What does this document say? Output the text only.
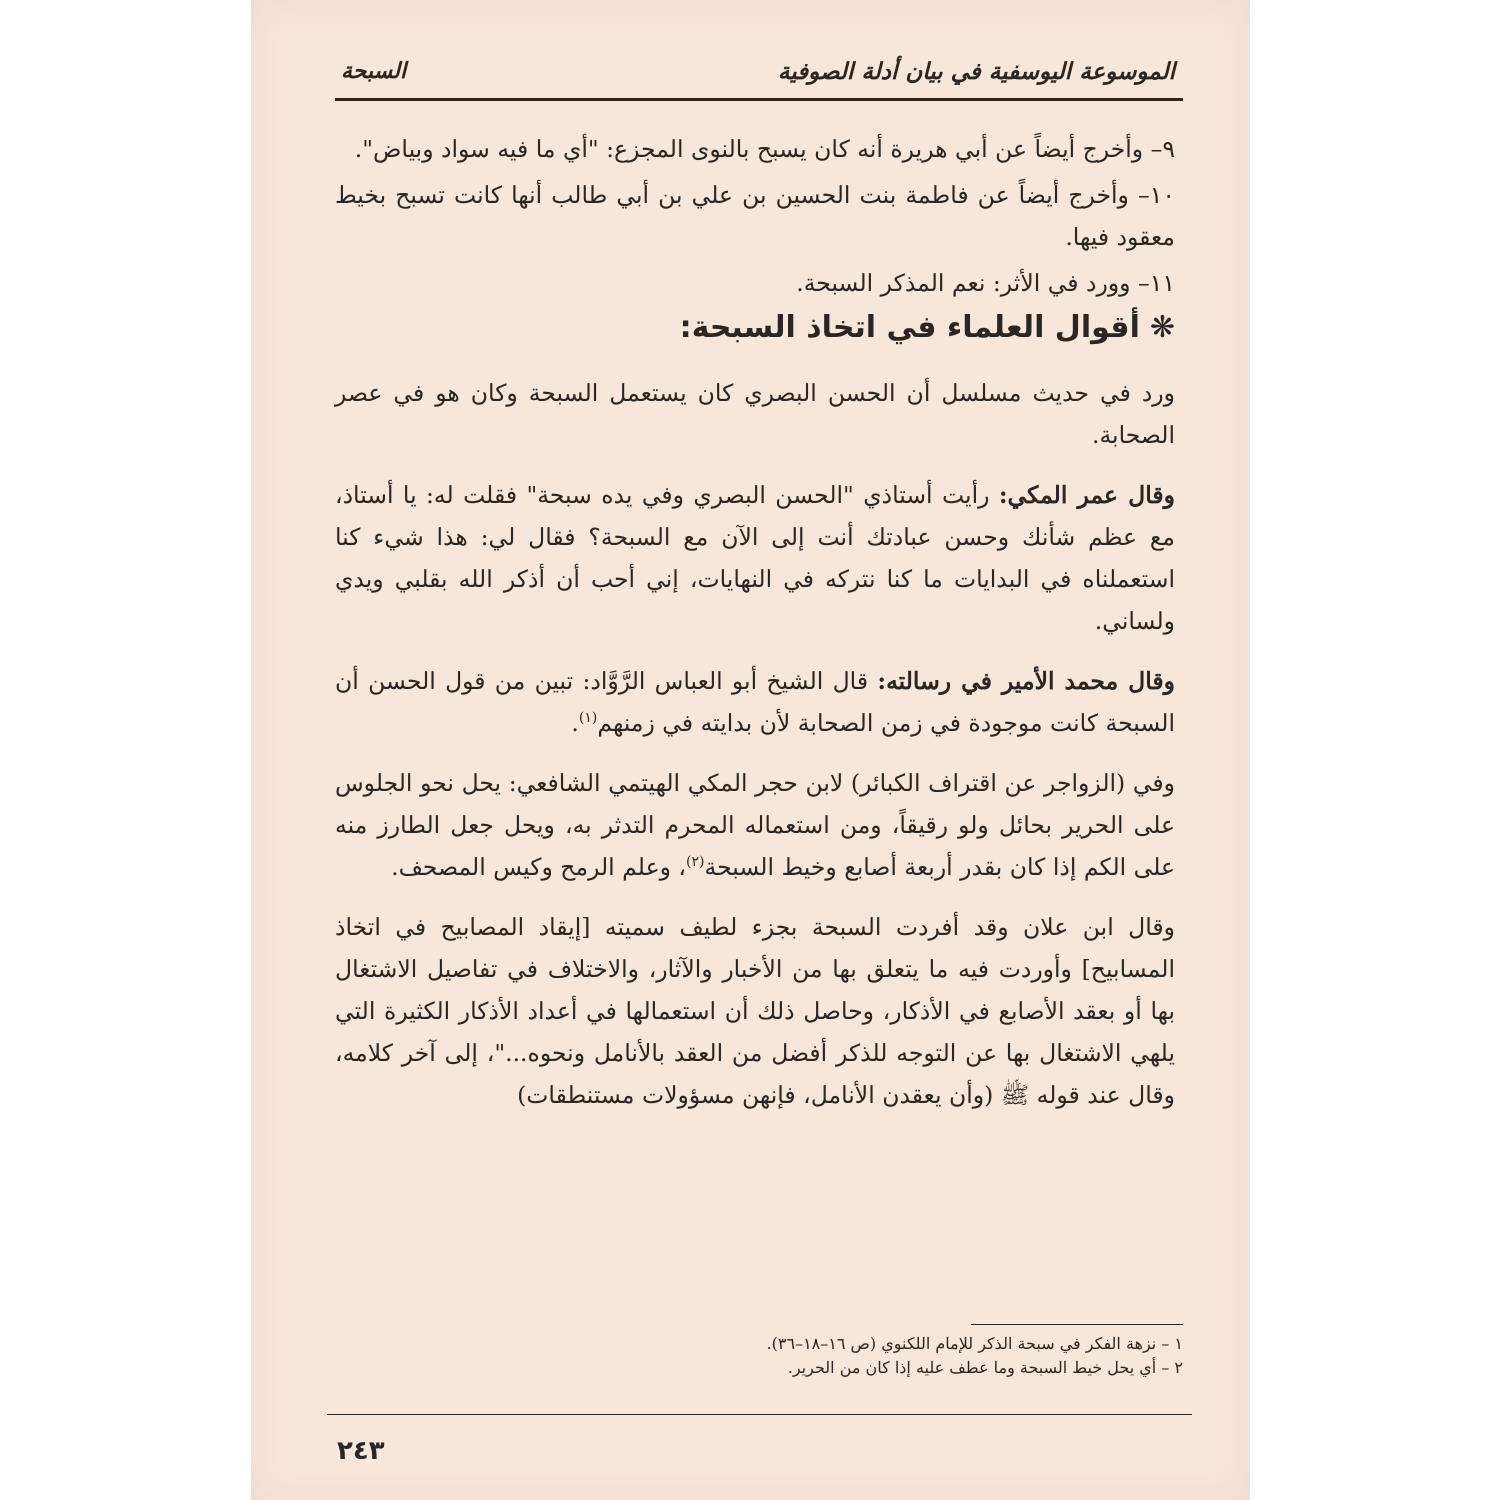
الموسوعة اليوسفية في بيان أدلة الصوفية
السبحة

٩– وأخرج أيضاً عن أبي هريرة أنه كان يسبح بالنوى المجزع: "أي ما فيه سواد وبياض".

١٠– وأخرج أيضاً عن فاطمة بنت الحسين بن علي بن أبي طالب أنها كانت تسبح بخيط معقود فيها.

١١– وورد في الأثر: نعم المذكر السبحة.

❋أقوال العلماء في اتخاذ السبحة:

ورد في حديث مسلسل أن الحسن البصري كان يستعمل السبحة وكان هو في عصر الصحابة.

وقال عمر المكي: رأيت أستاذي "الحسن البصري وفي يده سبحة" فقلت له: يا أستاذ، مع عظم شأنك وحسن عبادتك أنت إلى الآن مع السبحة؟ فقال لي: هذا شيء كنا استعملناه في البدايات ما كنا نتركه في النهايات، إني أحب أن أذكر الله بقلبي ويدي ولساني.

وقال محمد الأمير في رسالته: قال الشيخ أبو العباس الرَّوَّاد: تبين من قول الحسن أن السبحة كانت موجودة في زمن الصحابة لأن بدايته في زمنهم$^{(١)}$.

وفي (الزواجر عن اقتراف الكبائر) لابن حجر المكي الهيتمي الشافعي: يحل نحو الجلوس على الحرير بحائل ولو رقيقاً، ومن استعماله المحرم التدثر به، ويحل جعل الطارز منه على الكم إذا كان بقدر أربعة أصابع وخيط السبحة$^{(٢)}$، وعلم الرمح وكيس المصحف.

وقال ابن علان وقد أفردت السبحة بجزء لطيف سميته [إيقاد المصابيح في اتخاذ المسابيح] وأوردت فيه ما يتعلق بها من الأخبار والآثار، والاختلاف في تفاصيل الاشتغال بها أو بعقد الأصابع في الأذكار، وحاصل ذلك أن استعمالها في أعداد الأذكار الكثيرة التي يلهي الاشتغال بها عن التوجه للذكر أفضل من العقد بالأنامل ونحوه..."، إلى آخر كلامه، وقال عند قوله ﷺ (وأن يعقدن الأنامل، فإنهن مسؤولات مستنطقات)

١ – نزهة الفكر في سبحة الذكر للإمام اللكنوي (ص ١٦–١٨–٣٦).
٢ – أي يحل خيط السبحة وما عطف عليه إذا كان من الحرير.
٢٤٣
